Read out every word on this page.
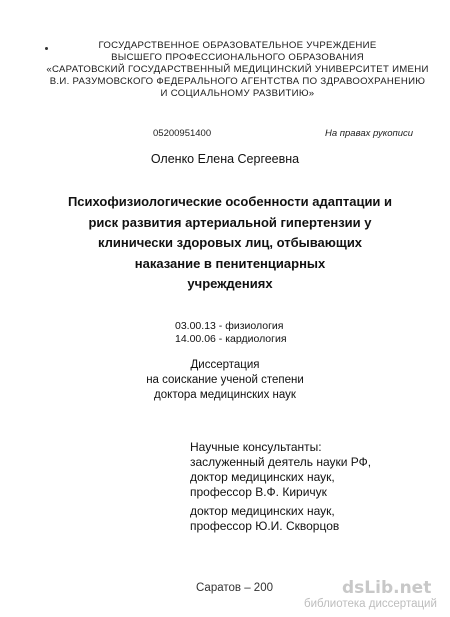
ГОСУДАРСТВЕННОЕ ОБРАЗОВАТЕЛЬНОЕ УЧРЕЖДЕНИЕ
ВЫСШЕГО ПРОФЕССИОНАЛЬНОГО ОБРАЗОВАНИЯ
«САРАТОВСКИЙ ГОСУДАРСТВЕННЫЙ МЕДИЦИНСКИЙ УНИВЕРСИТЕТ ИМЕНИ
В.И. РАЗУМОВСКОГО ФЕДЕРАЛЬНОГО АГЕНТСТВА ПО ЗДРАВООХРАНЕНИЮ
И СОЦИАЛЬНОМУ РАЗВИТИЮ»
05200951400	На правах рукописи
Оленко Елена Сергеевна
Психофизиологические особенности адаптации и
риск развития артериальной гипертензии у
клинически здоровых лиц, отбывающих
наказание в пенитенциарных
учреждениях
03.00.13 - физиология
14.00.06 - кардиология
Диссертация
на соискание ученой степени
доктора медицинских наук
Научные консультанты:
заслуженный деятель науки РФ,
доктор медицинских наук,
профессор В.Ф. Киричук
доктор медицинских наук,
профессор Ю.И. Скворцов
Саратов – 200	dsLib.net
библиотека диссертаций
